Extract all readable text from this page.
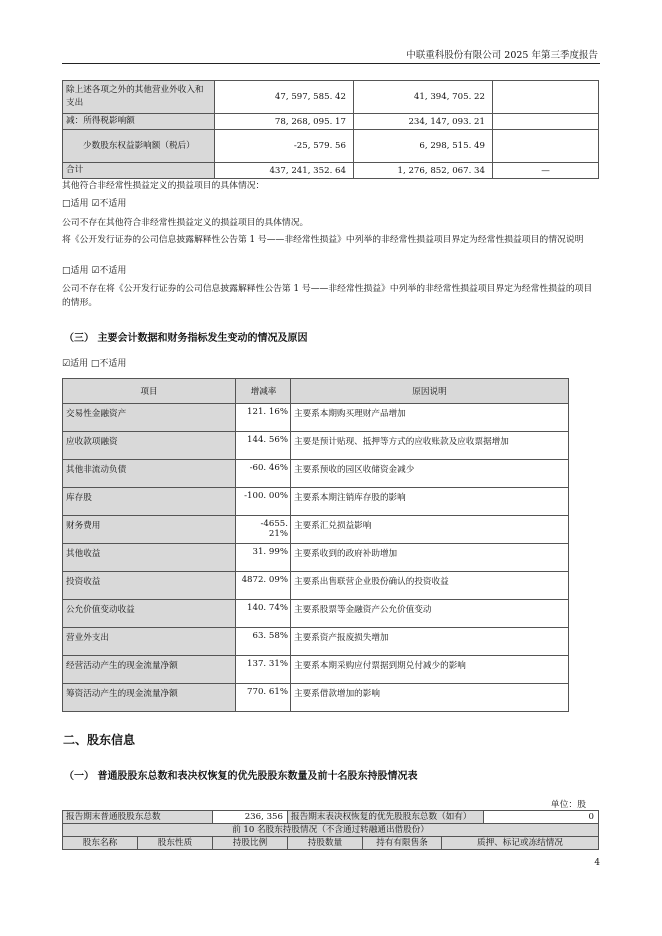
中联重科股份有限公司 2025 年第三季度报告
除上述各项之外的其他营业外收入和支出	47, 597, 585. 42	41, 394, 705. 22	
减：所得税影响额	78, 268, 095. 17	234, 147, 093. 21	
少数股东权益影响额（税后）	-25, 579. 56	6, 298, 515. 49	
合计	437, 241, 352. 64	1, 276, 852, 067. 34	—
其他符合非经常性损益定义的损益项目的具体情况：
□适用 ☑不适用
公司不存在其他符合非经常性损益定义的损益项目的具体情况。
将《公开发行证券的公司信息披露解释性公告第 1 号——非经常性损益》中列举的非经常性损益项目界定为经常性损益项目的情况说明
□适用 ☑不适用
公司不存在将《公开发行证券的公司信息披露解释性公告第 1 号——非经常性损益》中列举的非经常性损益项目界定为经常性损益的项目的情形。
（三） 主要会计数据和财务指标发生变动的情况及原因
☑适用 □不适用
项目	增减率	原因说明
交易性金融资产	121. 16%	主要系本期购买理财产品增加
应收款项融资	144. 56%	主要是预计贴现、抵押等方式的应收账款及应收票据增加
其他非流动负债	-60. 46%	主要系预收的园区收储资金减少
库存股	-100. 00%	主要系本期注销库存股的影响
财务费用	-4655. 21%	主要系汇兑损益影响
其他收益	31. 99%	主要系收到的政府补助增加
投资收益	4872. 09%	主要系出售联营企业股份确认的投资收益
公允价值变动收益	140. 74%	主要系股票等金融资产公允价值变动
营业外支出	63. 58%	主要系资产报废损失增加
经营活动产生的现金流量净额	137. 31%	主要系本期采购应付票据到期兑付减少的影响
筹资活动产生的现金流量净额	770. 61%	主要系借款增加的影响
二、股东信息
（一） 普通股股东总数和表决权恢复的优先股股东数量及前十名股东持股情况表
单位：股
报告期末普通股股东总数		236, 356	报告期末表决权恢复的优先股股东总数（如有）			0
前 10 名股东持股情况（不含通过转融通出借股份）						
股东名称	股东性质	持股比例	持股数量	持有有限售条	质押、标记或冻结情况	
4
